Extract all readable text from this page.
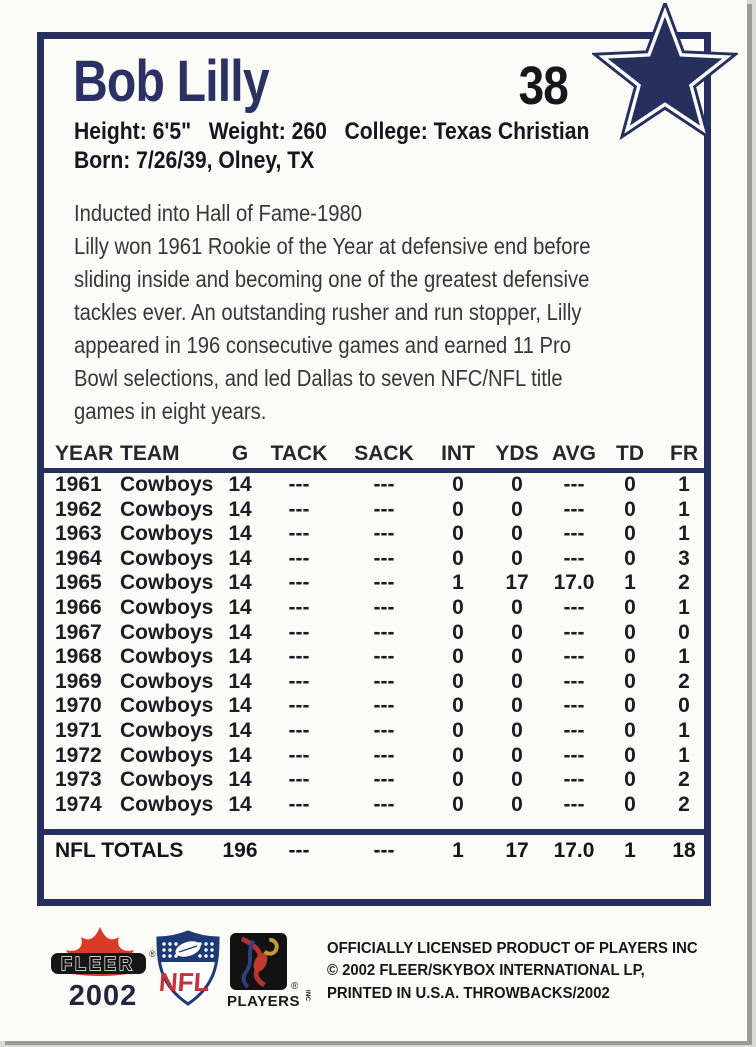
Bob Lilly	38
Height: 6'5"   Weight: 260   College: Texas Christian
Born: 7/26/39, Olney, TX
Inducted into Hall of Fame-1980
Lilly won 1961 Rookie of the Year at defensive end before
sliding inside and becoming one of the greatest defensive
tackles ever. An outstanding rusher and run stopper, Lilly
appeared in 196 consecutive games and earned 11 Pro
Bowl selections, and led Dallas to seven NFC/NFL title
games in eight years.
YEAR TEAM	G	TACK	SACK	INT YDS AVG TD	FR
1961 Cowboys 14	---	---	0	0	---	0	1
1962 Cowboys 14	---	---	0	0	---	0	1
1963 Cowboys 14	---	---	0	0	---	0	1
1964 Cowboys 14	---	---	0	0	---	0	3
1965 Cowboys 14	---	---	1	17	17.0	1	2
1966 Cowboys 14	---	---	0	0	---	0	1
1967 Cowboys 14	---	---	0	0	---	0	0
1968 Cowboys 14	---	---	0	0	---	0	1
1969 Cowboys 14	---	---	0	0	---	0	2
1970 Cowboys 14	---	---	0	0	---	0	0
1971 Cowboys 14	---	---	0	0	---	0	1
1972 Cowboys 14	---	---	0	0	---	0	1
1973 Cowboys 14	---	---	0	0	---	0	2
1974 Cowboys 14	---	---	0	0	---	0	2
NFL TOTALS	196	---	---	1	17	17.0	1	18
FLEER ®
2002 NFL	®
PLAYERS INC
OFFICIALLY LICENSED PRODUCT OF PLAYERS INC
© 2002 FLEER/SKYBOX INTERNATIONAL LP,
PRINTED IN U.S.A. THROWBACKS/2002
